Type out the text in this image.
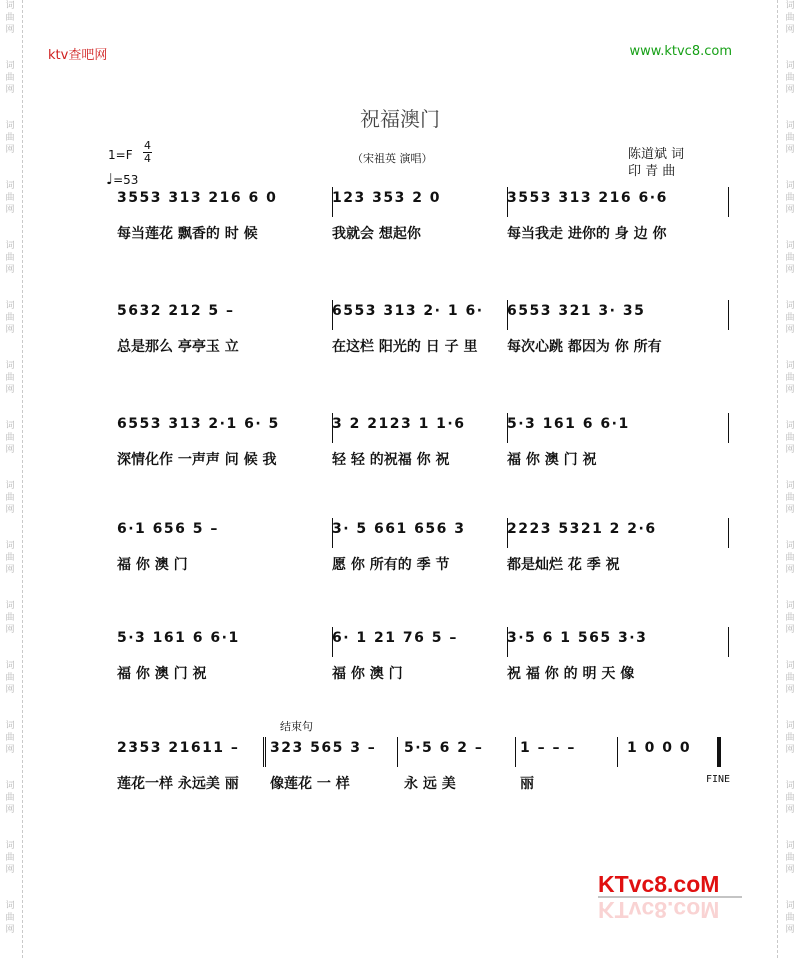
词
曲
网
词
曲
网
词
曲
网
词
曲
网
词
曲
网
词
曲
网
词
曲
网
词
曲
网
词
曲
网
词
曲
网
词
曲
网
词
曲
网
词
曲
网
词
曲
网
词
曲
网
词
曲
网
词
曲
网
词
曲
网
词
曲
网
词
曲
网
词
曲
网
词
曲
网
词
曲
网
词
曲
网
词
曲
网
词
曲
网
词
曲
网
词
曲
网
词
曲
网
词
曲
网
词
曲
网
词
曲
网
ktv查吧网	www.ktvc8.com
祝福澳门
1=F
4
4
♩=53
（宋祖英 演唱）	陈道斌 词
印 青 曲
3553 313 216 6 0	123 353 2 0	3553 313 216 6·6
每当莲花 飘香的 时 候	我就会 想起你	每当我走 进你的 身 边 你
5632 212 5 –	6553 313 2· 1 6· 6553 321 3· 35
总是那么 亭亭玉 立	在这栏 阳光的 日 子 里 每次心跳 都因为 你 所有
6553 313 2·1 6· 5	3 2 2123 1 1·6	5·3 161 6 6·1
深情化作 一声声 问 候 我	轻 轻 的祝福 你 祝	福 你 澳 门 祝
6·1 656 5 –	3· 5 661 656 3	2223 5321 2 2·6
福 你 澳 门	愿 你 所有的 季 节	都是灿烂 花 季 祝
5·3 161 6 6·1	6· 1 21 76 5 –	3·5 6 1 565 3·3
福 你 澳 门 祝	福 你 澳 门	祝 福 你 的 明 天 像
2353 21611 – 323 565 3 – 5·5 6 2 –	1 – – –	1 0 0 0
莲花一样 永远美 丽 像莲花 一 样	永 远 美	丽
结束句
FINE
KTvc8.coM
KTvc8.coM
